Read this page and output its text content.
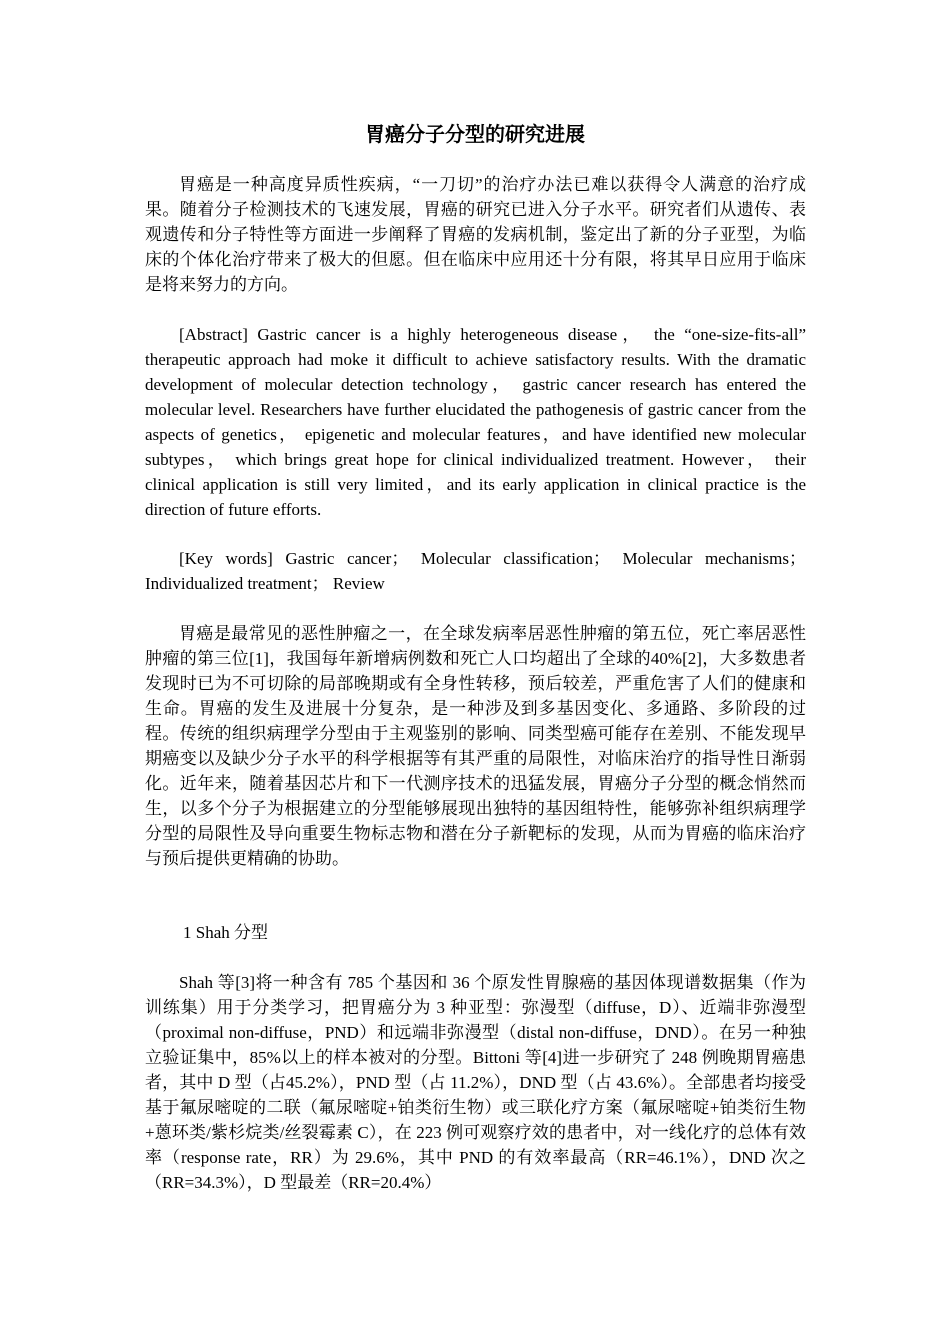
胃癌分子分型的研究进展

胃癌是一种高度异质性疾病，“一刀切”的治疗办法已难以获得令人满意的治疗成果。随着分子检测技术的飞速发展，胃癌的研究已进入分子水平。研究者们从遗传、表观遗传和分子特性等方面进一步阐释了胃癌的发病机制，鉴定出了新的分子亚型，为临床的个体化治疗带来了极大的但愿。但在临床中应用还十分有限，将其早日应用于临床是将来努力的方向。

[Abstract] Gastric cancer is a highly heterogeneous disease， the “one-size-fits-all” therapeutic approach had moke it difficult to achieve satisfactory results. With the dramatic development of molecular detection technology， gastric cancer research has entered the molecular level. Researchers have further elucidated the pathogenesis of gastric cancer from the aspects of genetics， epigenetic and molecular features，and have identified new molecular subtypes， which brings great hope for clinical individualized treatment. However， their clinical application is still very limited，and its early application in clinical practice is the direction of future efforts.

[Key words] Gastric cancer； Molecular classification； Molecular mechanisms； Individualized treatment； Review

胃癌是最常见的恶性肿瘤之一，在全球发病率居恶性肿瘤的第五位，死亡率居恶性肿瘤的第三位[1]，我国每年新增病例数和死亡人口均超出了全球的40%[2]，大多数患者发现时已为不可切除的局部晚期或有全身性转移，预后较差，严重危害了人们的健康和生命。胃癌的发生及进展十分复杂，是一种涉及到多基因变化、多通路、多阶段的过程。传统的组织病理学分型由于主观鉴别的影响、同类型癌可能存在差别、不能发现早期癌变以及缺少分子水平的科学根据等有其严重的局限性，对临床治疗的指导性日渐弱化。近年来，随着基因芯片和下一代测序技术的迅猛发展，胃癌分子分型的概念悄然而生，以多个分子为根据建立的分型能够展现出独特的基因组特性，能够弥补组织病理学分型的局限性及导向重要生物标志物和潜在分子新靶标的发现，从而为胃癌的临床治疗与预后提供更精确的协助。

1 Shah 分型

Shah 等[3]将一种含有 785 个基因和 36 个原发性胃腺癌的基因体现谱数据集（作为训练集）用于分类学习，把胃癌分为 3 种亚型：弥漫型（diffuse，D）、近端非弥漫型（proximal non-diffuse，PND）和远端非弥漫型（distal non-diffuse，DND）。在另一种独立验证集中，85%以上的样本被对的分型。Bittoni 等[4]进一步研究了 248 例晚期胃癌患者，其中 D 型（占45.2%），PND 型（占 11.2%），DND 型（占 43.6%）。全部患者均接受基于氟尿嘧啶的二联（氟尿嘧啶+铂类衍生物）或三联化疗方案（氟尿嘧啶+铂类衍生物+蒽环类/紫杉烷类/丝裂霉素 C），在 223 例可观察疗效的患者中，对一线化疗的总体有效率（response rate，RR）为 29.6%，其中 PND 的有效率最高（RR=46.1%），DND 次之（RR=34.3%），D 型最差（RR=20.4%）
